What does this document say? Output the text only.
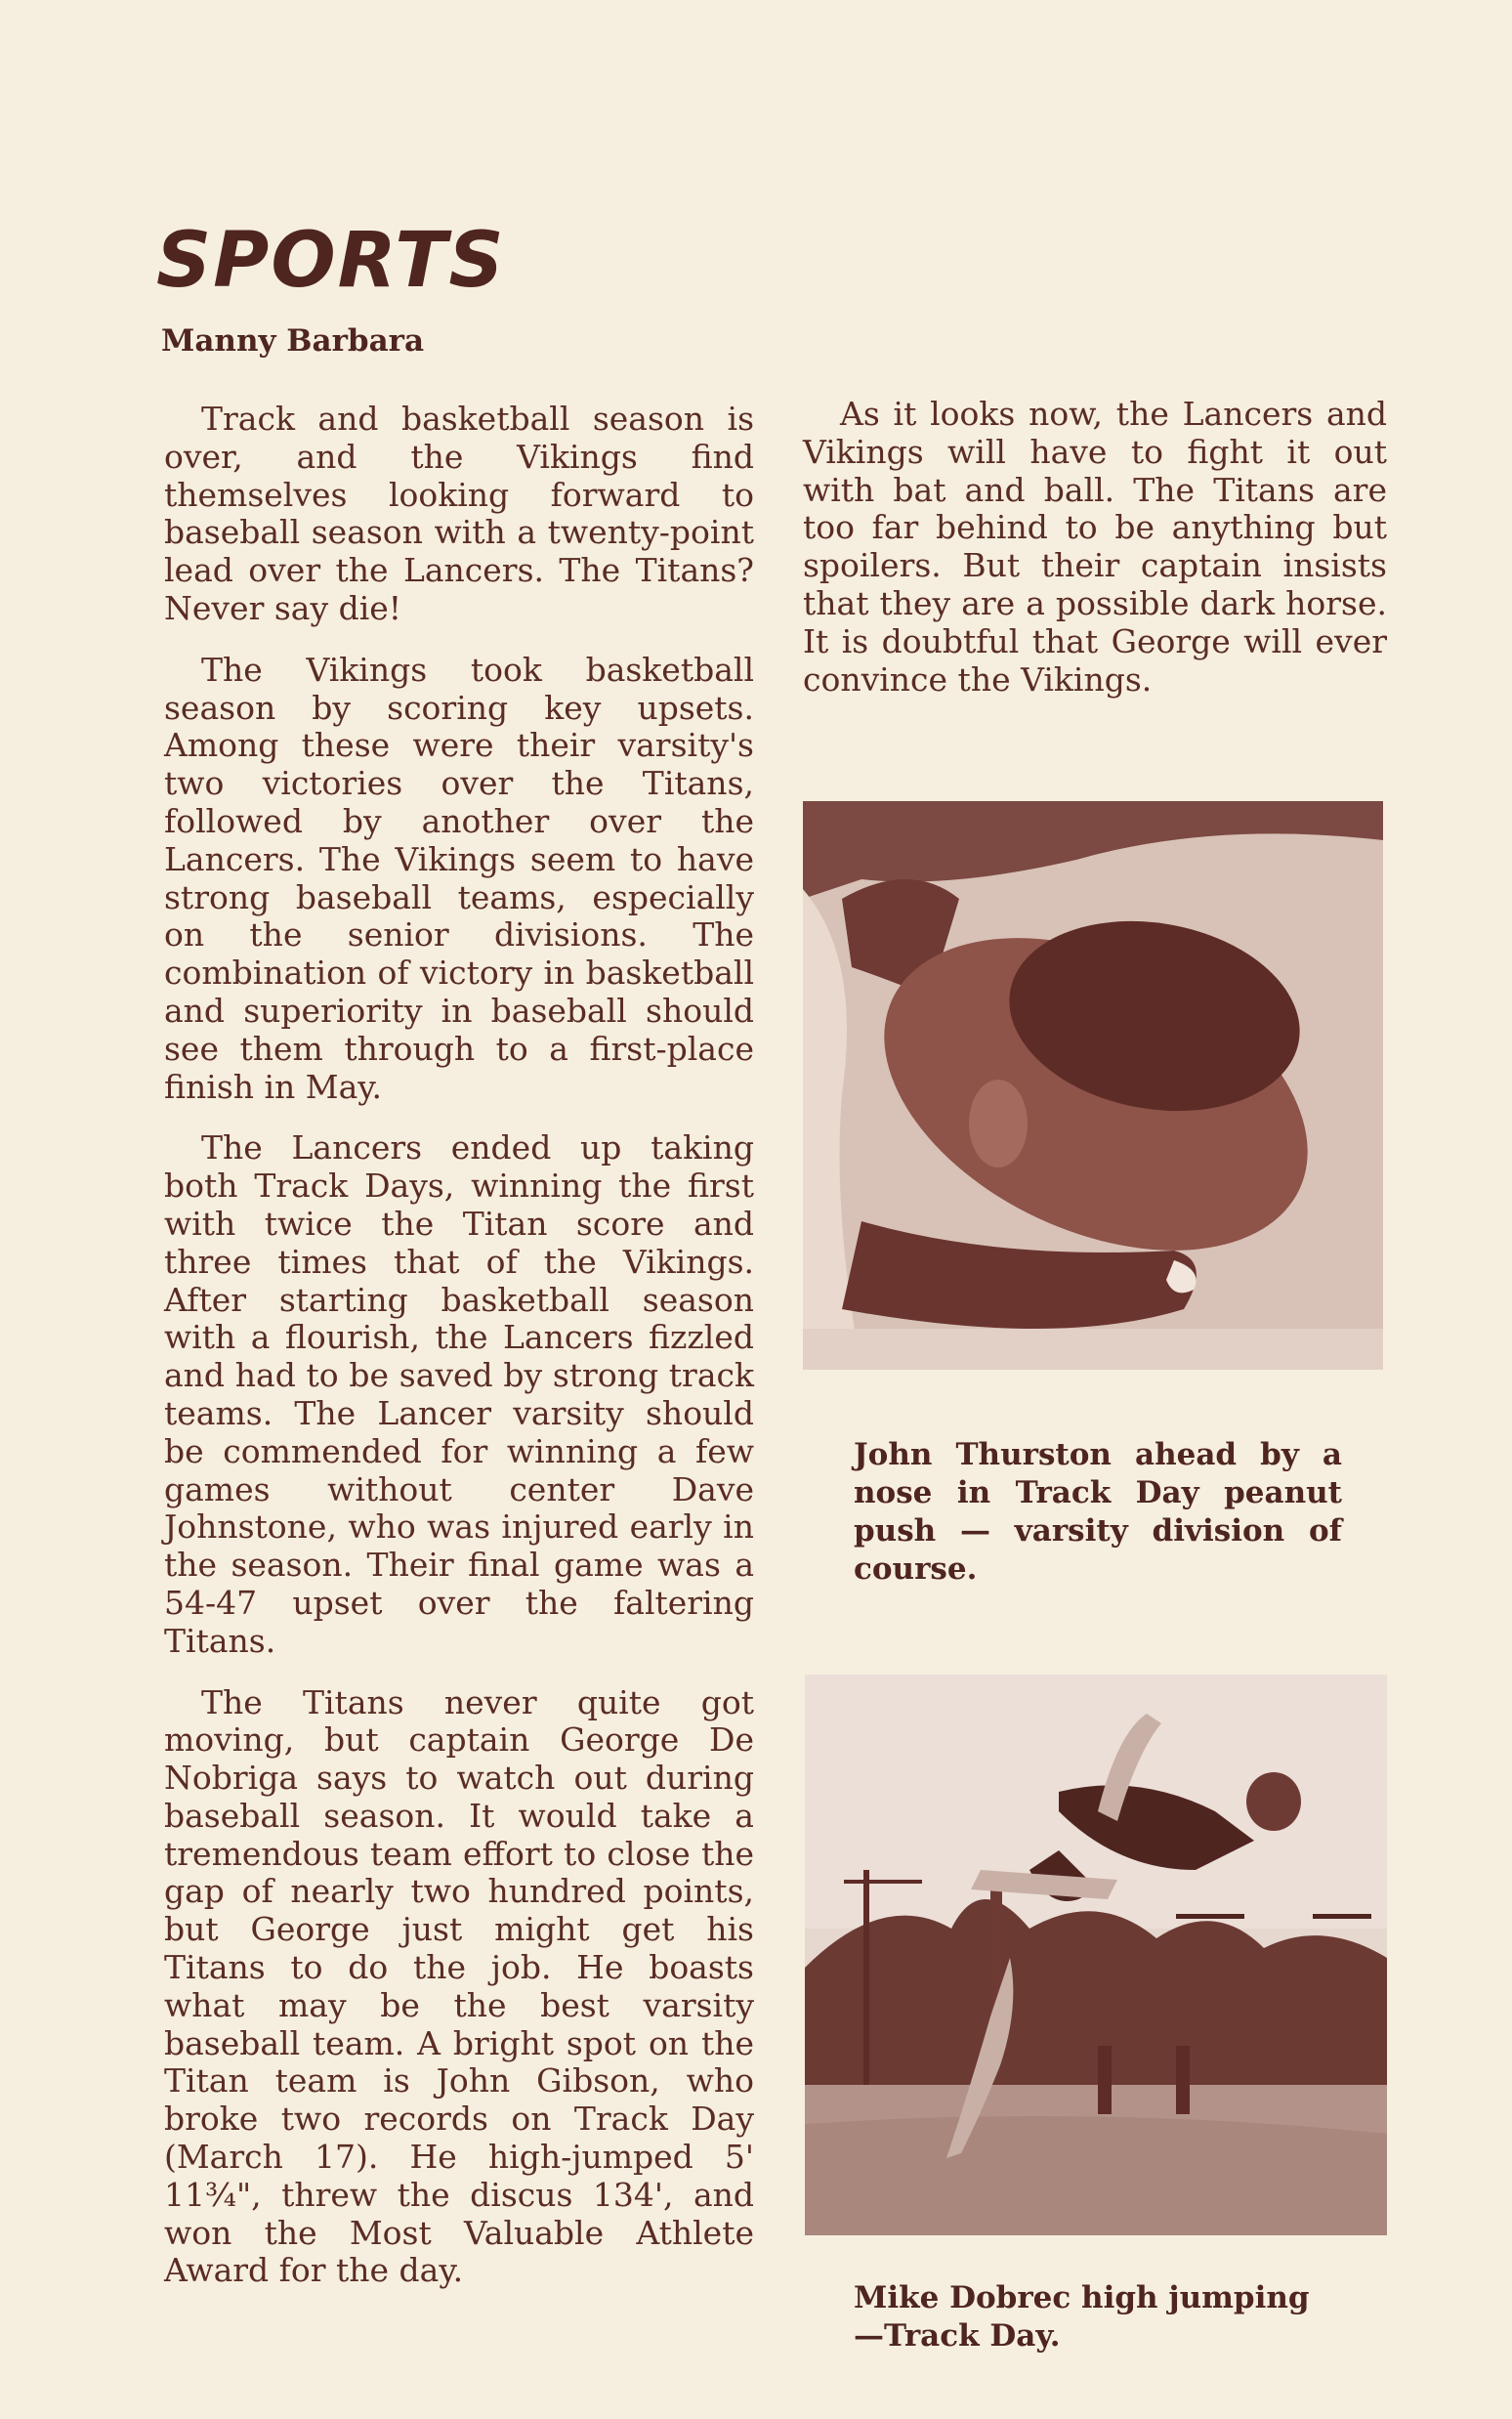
SPORTS
Manny Barbara

Track and basketball season is over, and the Vikings find themselves looking forward to baseball season with a twenty-point lead over the Lancers. The Titans? Never say die!

The Vikings took basketball season by scoring key upsets. Among these were their varsity's two victories over the Titans, followed by another over the Lancers. The Vikings seem to have strong baseball teams, especially on the senior divisions. The combination of victory in basketball and superiority in baseball should see them through to a first-place finish in May.

The Lancers ended up taking both Track Days, winning the first with twice the Titan score and three times that of the Vikings. After starting basketball season with a flourish, the Lancers fizzled and had to be saved by strong track teams. The Lancer varsity should be commended for winning a few games without center Dave Johnstone, who was injured early in the season. Their final game was a 54-47 upset over the faltering Titans.

The Titans never quite got moving, but captain George De Nobriga says to watch out during baseball season. It would take a tremendous team effort to close the gap of nearly two hundred points, but George just might get his Titans to do the job. He boasts what may be the best varsity baseball team. A bright spot on the Titan team is John Gibson, who broke two records on Track Day (March 17). He high-jumped 5' 11¾", threw the discus 134', and won the Most Valuable Athlete Award for the day.

As it looks now, the Lancers and Vikings will have to fight it out with bat and ball. The Titans are too far behind to be anything but spoilers. But their captain insists that they are a possible dark horse. It is doubtful that George will ever convince the Vikings.

John Thurston ahead by a nose in Track Day peanut push — varsity division of course.

Mike Dobrec high jumping —Track Day.
